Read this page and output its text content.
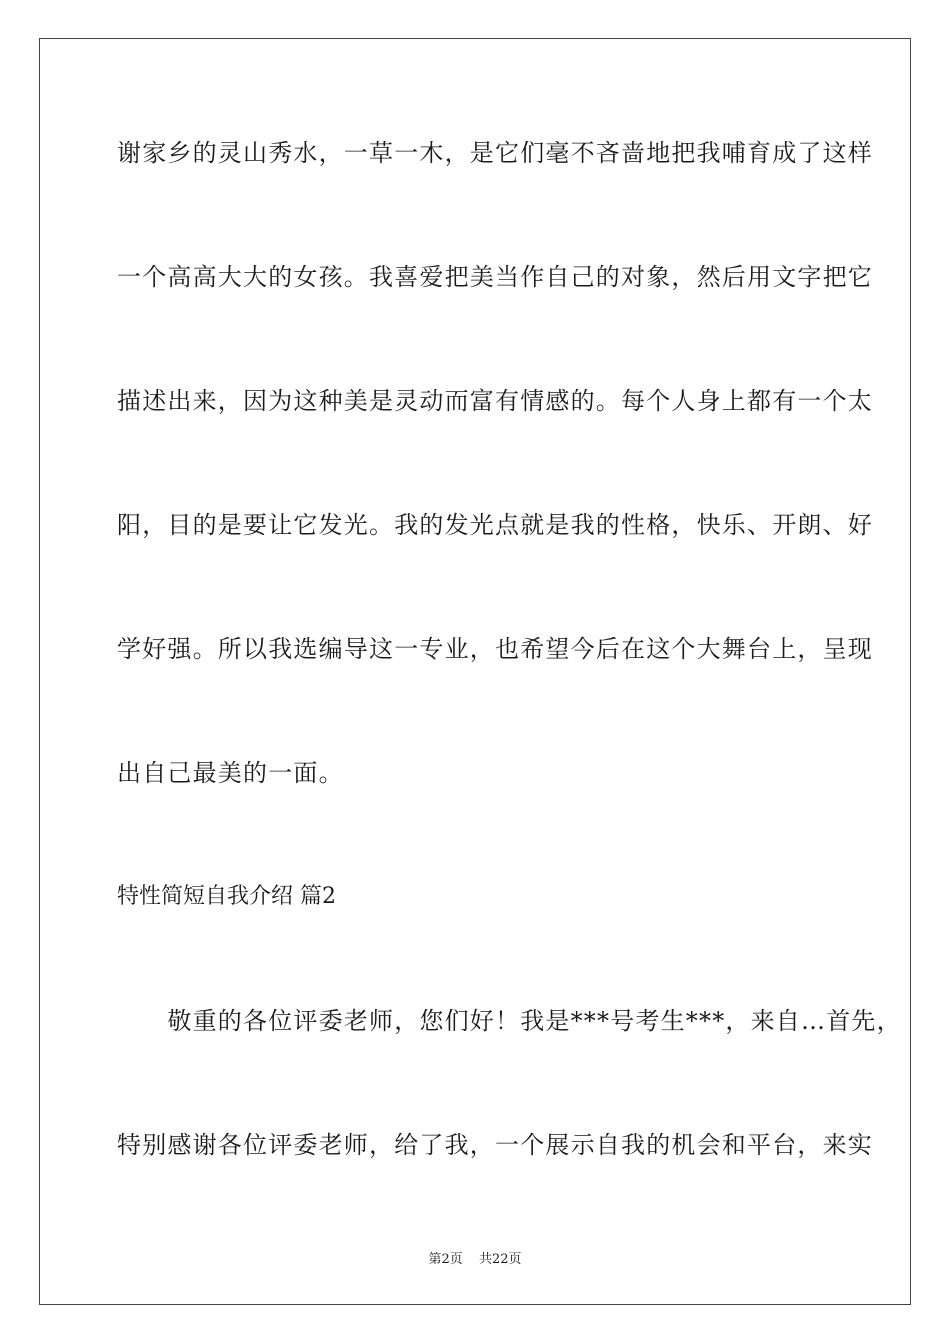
谢家乡的灵山秀水，一草一木，是它们毫不吝啬地把我哺育成了这样
一个高高大大的女孩。我喜爱把美当作自己的对象，然后用文字把它
描述出来，因为这种美是灵动而富有情感的。每个人身上都有一个太
阳，目的是要让它发光。我的发光点就是我的性格，快乐、开朗、好
学好强。所以我选编导这一专业，也希望今后在这个大舞台上，呈现
出自己最美的一面。
特性简短自我介绍 篇2
　　敬重的各位评委老师，您们好！我是***号考生***，来自…首先，
特别感谢各位评委老师，给了我，一个展示自我的机会和平台，来实
第2页 共22页
